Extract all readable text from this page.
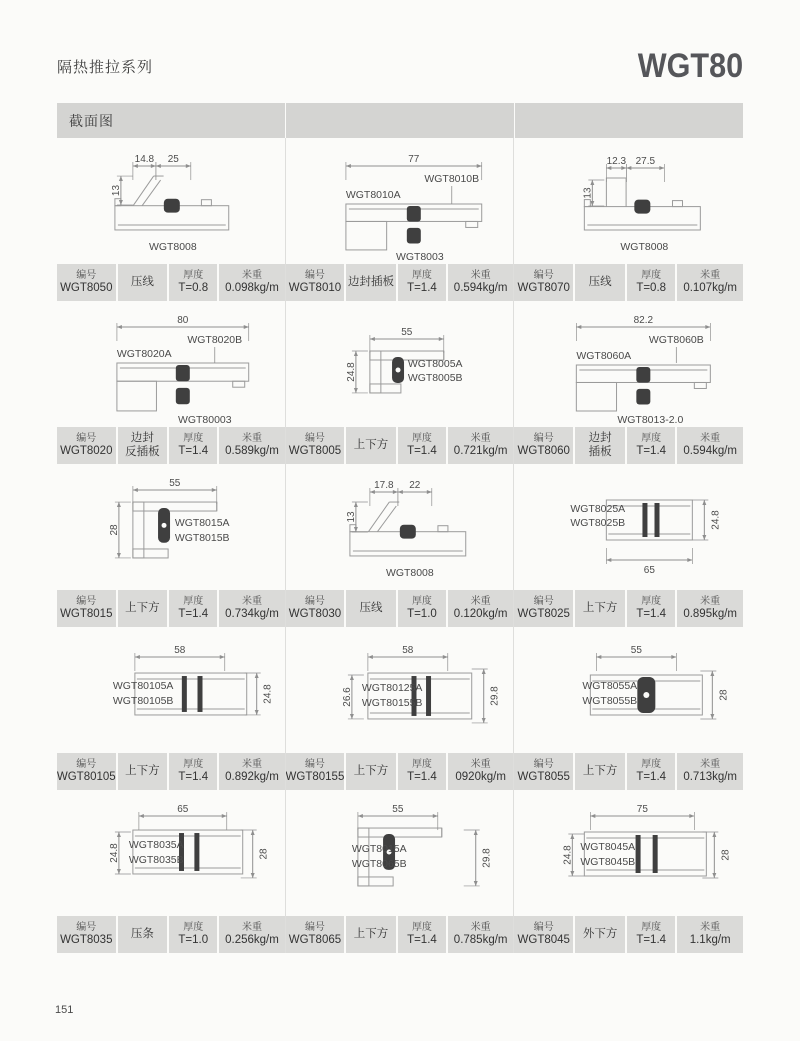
隔热推拉系列	WGT80
截面图
14.8 25
13
WGT8008
编号
WGT8050 压线
厚度
T=0.8
米重
0.098kg/m
77
WGT8010B
WGT8010A
WGT8003
编号
WGT8010 边封插板
厚度
T=1.4
米重
0.594kg/m
12.3 27.5
13
WGT8008
编号
WGT8070 压线
厚度
T=0.8
米重
0.107kg/m
80
WGT8020B
WGT8020A
WGT80003
编号
WGT8020
边封
反插板
厚度
T=1.4
米重
0.589kg/m
55
24.8	WGT8005A
WGT8005B
编号
WGT8005 上下方
厚度
T=1.4
米重
0.721kg/m
82.2
WGT8060B
WGT8060A
WGT8013-2.0
编号
WGT8060
边封
插板
厚度
T=1.4
米重
0.594kg/m
55
28
WGT8015A
WGT8015B
编号
WGT8015 上下方
厚度
T=1.4
米重
0.734kg/m
17.8 22
13
WGT8008
编号
WGT8030 压线
厚度
T=1.0
米重
0.120kg/m
65
24.8
WGT8025A
WGT8025B
编号
WGT8025 上下方
厚度
T=1.4
米重
0.895kg/m
58
24.8
WGT80105A
WGT80105B
编号
WGT80105 上下方
厚度
T=1.4
米重
0.892kg/m
58
26.6	29.8
WGT80125A
WGT80155B
编号
WGT80155 上下方
厚度
T=1.4
米重
0920kg/m
55
28
WGT8055A
WGT8055B
编号
WGT8055 上下方
厚度
T=1.4
米重
0.713kg/m
65
24.8	28
WGT8035A
WGT8035B
编号
WGT8035 压条
厚度
T=1.0
米重
0.256kg/m
55
29.8
WGT8015A
WGT8065B
编号
WGT8065 上下方
厚度
T=1.4
米重
0.785kg/m
75
24.8	28
WGT8045A
WGT8045B
编号
WGT8045 外下方
厚度
T=1.4
米重
1.1kg/m
151
